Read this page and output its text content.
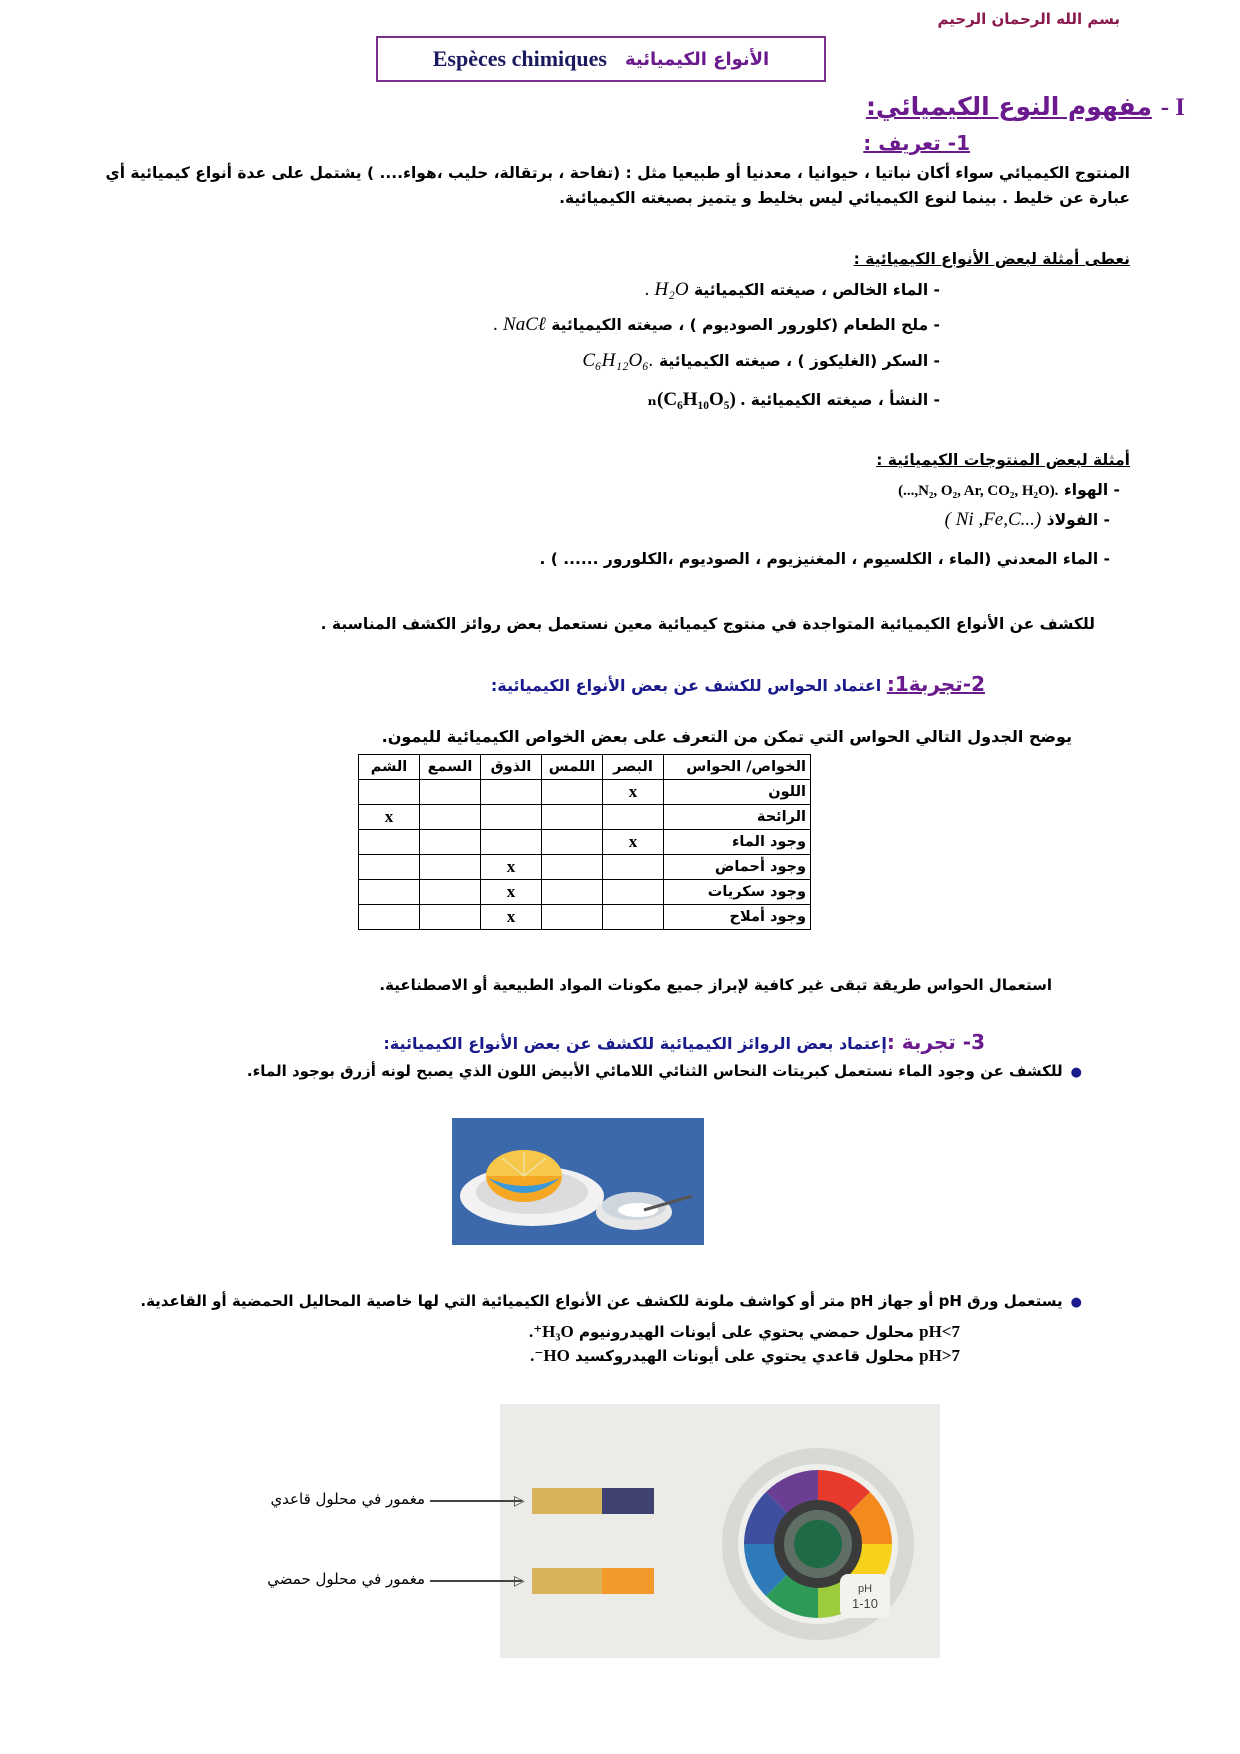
بسم الله الرحمان الرحيم
Espèces chimiques الأنواع الكيميائية
I - مفهوم النوع الكيميائي:
1- تعريف :
المنتوج الكيميائي سواء أكان نباتيا ، حيوانيا ، معدنيا أو طبيعيا مثل : (تفاحة ، برتقالة، حليب ،هواء.... ) يشتمل على عدة أنواع كيميائية أي عبارة عن خليط . بينما لنوع الكيميائي ليس بخليط و يتميز بصيغته الكيميائية.
نعطى أمثلة لبعض الأنواع الكيميائية :
- الماء الخالص ، صيغته الكيميائية H₂O .
- ملح الطعام (كلورور الصوديوم ) ، صيغته الكيميائية NaCℓ .
- السكر (الغليكوز ) ، صيغته الكيميائية .C₆H₁₂O₆
- النشأ ، صيغته الكيميائية . (C₆H₁₀O₅)ₙ
أمثلة لبعض المنتوجات الكيميائية :
- الهواء .(N₂, O₂, Ar, CO₂, H₂O,...)
- الفولاذ (...Ni ,Fe,C )
- الماء المعدني (الماء ، الكلسيوم ، المغنيزيوم ، الصوديوم ،الكلورور ...... ) .
للكشف عن الأنواع الكيميائية المتواجدة في منتوج كيميائية معين نستعمل بعض روائز الكشف المناسبة .
2-تجربة1: اعتماد الحواس للكشف عن بعض الأنواع الكيميائية:
يوضح الجدول التالي الحواس التي تمكن من التعرف على بعض الخواص الكيميائية لليمون.
الخواص/ الحواس	البصر	اللمس	الذوق	السمع	الشم
اللون	x				
الرائحة					x
وجود الماء	x				
وجود أحماض			x		
وجود سكريات			x		
وجود أملاح			x		
استعمال الحواس طريقة تبقى غير كافية لإبراز جميع مكونات المواد الطبيعية أو الاصطناعية.
3- تجربة :إعتماد بعض الروائز الكيميائية للكشف عن بعض الأنواع الكيميائية:
●للكشف عن وجود الماء نستعمل كبريتات النحاس الثنائي اللامائي الأبيض اللون الذي يصبح لونه أزرق بوجود الماء.
●يستعمل ورق pH أو جهاز pH متر أو كواشف ملونة للكشف عن الأنواع الكيميائية التي لها خاصية المحاليل الحمضية أو القاعدية.
pH<7 محلول حمضي يحتوي على أيونات الهيدرونيوم H₃O⁺.
pH>7 محلول قاعدي يحتوي على أيونات الهيدروكسيد HO⁻.
pH
1-10
مغمور في محلول قاعدي	▷
مغمور في محلول حمضي	▷
